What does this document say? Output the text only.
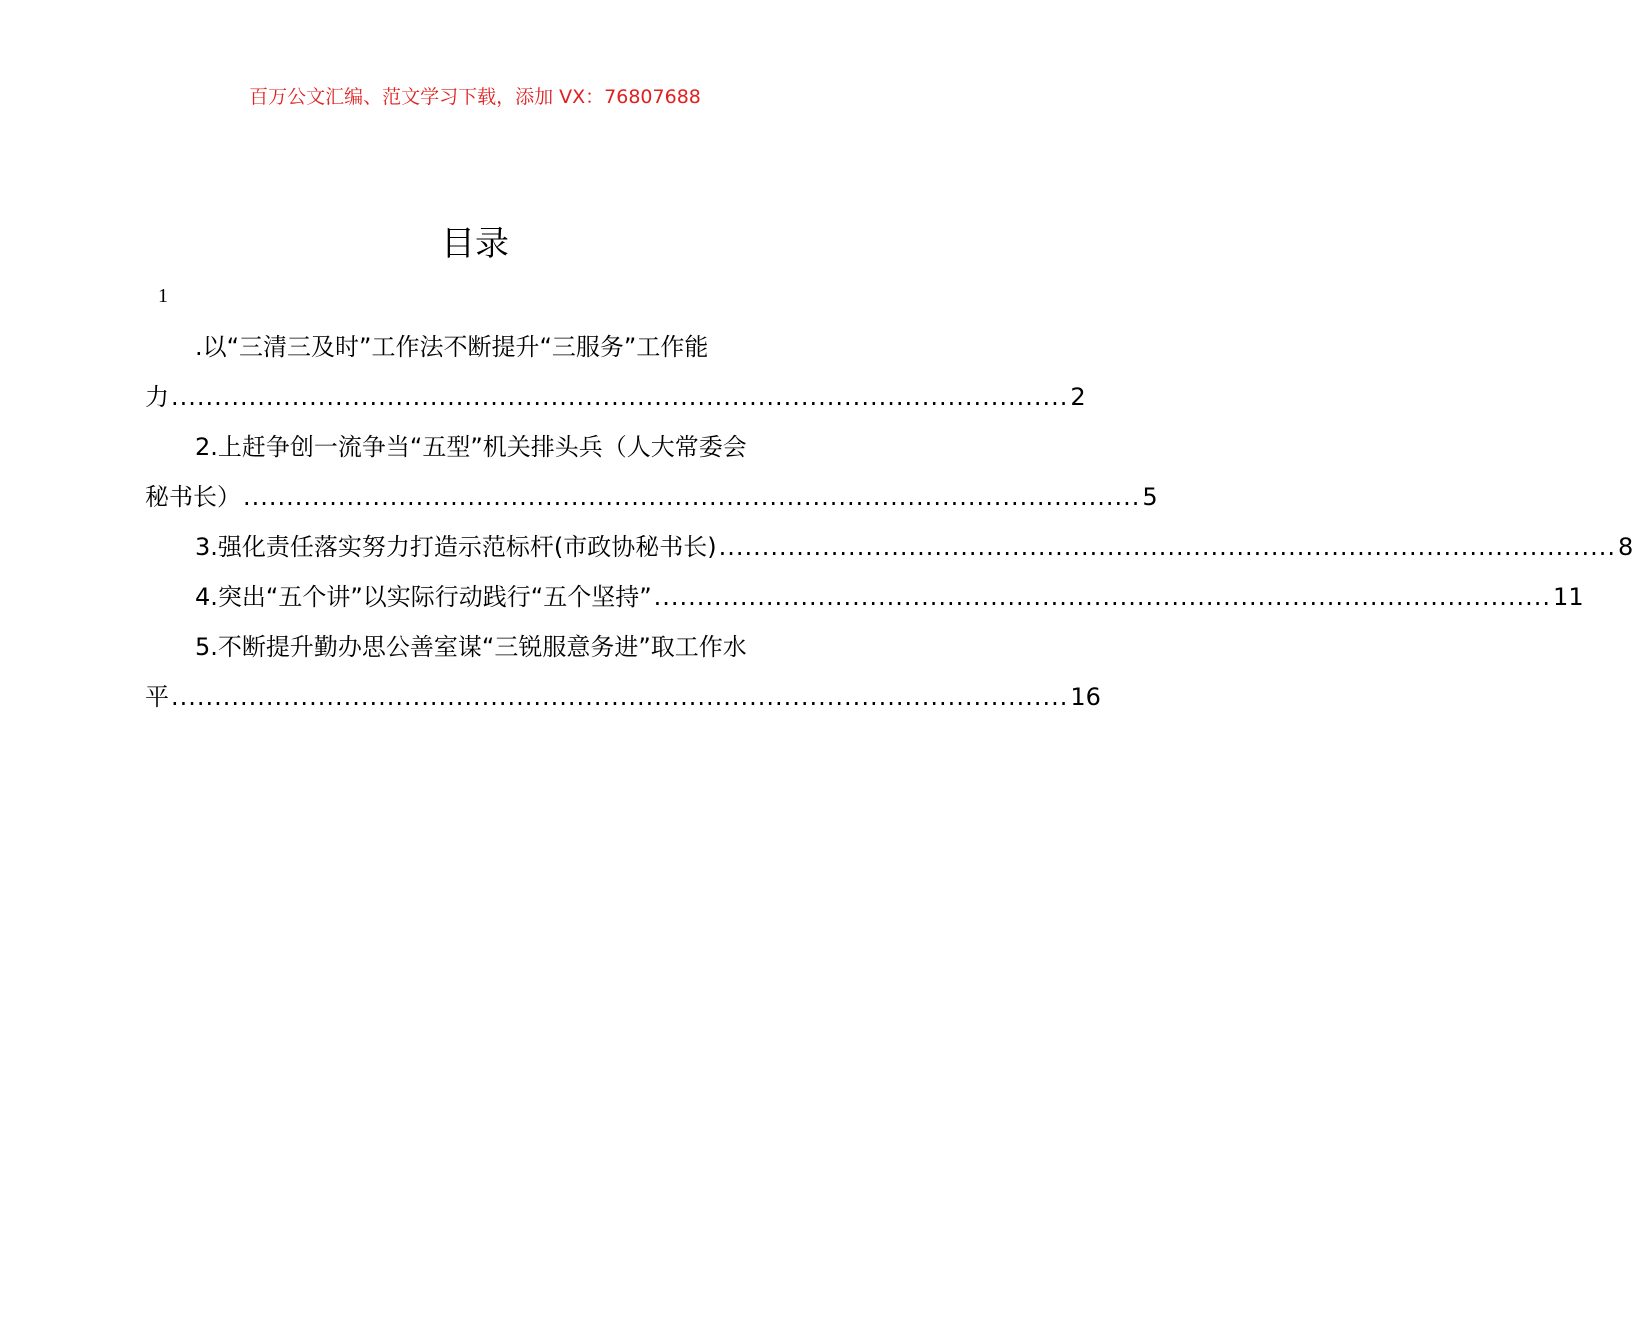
百万公文汇编、范文学习下载，添加 VX：76807688
目录
1
.以“三清三及时”工作法不断提升“三服务”工作能
力 ........................................................................................................ 2
2.上赶争创一流争当“五型”机关排头兵（人大常委会
秘书长） ........................................................................................................ 5
3.强化责任落实努力打造示范标杆(市政协秘书长) ........................................................................................................ 8
4.突出“五个讲”以实际行动践行“五个坚持” ........................................................................................................ 11
5.不断提升勤办思公善室谋“三锐服意务进”取工作水
平 ........................................................................................................ 16
